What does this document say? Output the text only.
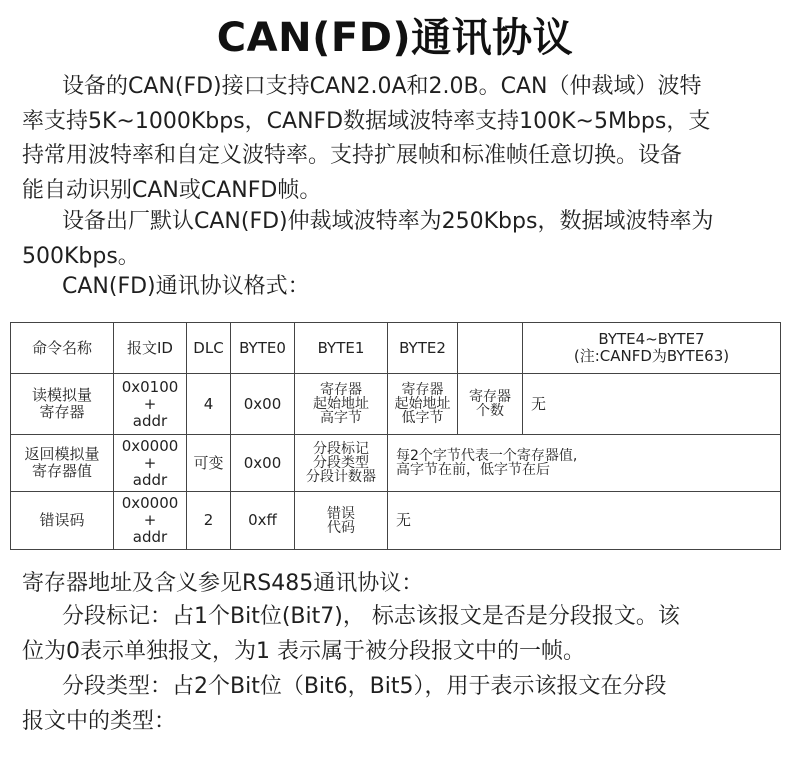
CAN(FD)通讯协议
设备的CAN(FD)接口支持CAN2.0A和2.0B。CAN（仲裁域）波特
率支持5K~1000Kbps，CANFD数据域波特率支持100K~5Mbps，支
持常用波特率和自定义波特率。支持扩展帧和标准帧任意切换。设备
能自动识别CAN或CANFD帧。
设备出厂默认CAN(FD)仲裁域波特率为250Kbps，数据域波特率为
500Kbps。
CAN(FD)通讯协议格式：
命令名称	报文ID	DLC	BYTE0	BYTE1	BYTE2		BYTE4~BYTE7
(注:CANFD为BYTE63)

读模拟量
寄存器	0x0100+
addr	4	0x00	寄存器
起始地址
高字节	寄存器
起始地址
低字节	寄存器
个数	无

返回模拟量
寄存器值	0x0000+
addr	可变	0x00	分段标记
分段类型
分段计数器	每2个字节代表一个寄存器值,
高字节在前，低字节在后		

错误码	0x0000+
addr	2	0xff	错误
代码	无		
寄存器地址及含义参见RS485通讯协议：
分段标记：占1个Bit位(Bit7)， 标志该报文是否是分段报文。该
位为0表示单独报文，为1 表示属于被分段报文中的一帧。
分段类型：占2个Bit位（Bit6，Bit5），用于表示该报文在分段
报文中的类型：
